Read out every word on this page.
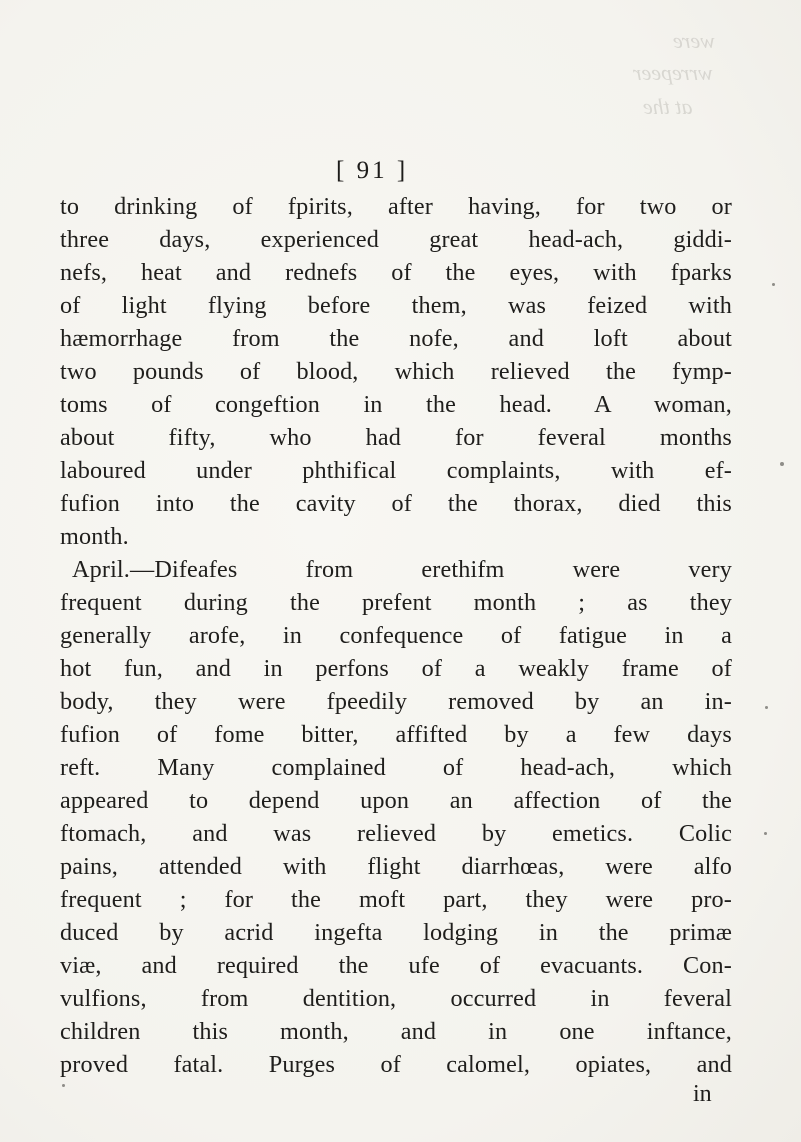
were
wrrepeer
at the
[ 91 ]
to drinking of fpirits, after having, for two or
three days, experienced great head-ach, giddi-
nefs, heat and rednefs of the eyes, with fparks
of light flying before them, was feized with
hæmorrhage from the nofe, and loft about
two pounds of blood, which relieved the fymp-
toms of congeftion in the head. A woman,
about fifty, who had for feveral months
laboured under phthifical complaints, with ef-
fufion into the cavity of the thorax, died this
month.
April.—Difeafes from erethifm were very
frequent during the prefent month ; as they
generally arofe, in confequence of fatigue in a
hot fun, and in perfons of a weakly frame of
body, they were fpeedily removed by an in-
fufion of fome bitter, affifted by a few days
reft. Many complained of head-ach, which
appeared to depend upon an affection of the
ftomach, and was relieved by emetics. Colic
pains, attended with flight diarrhœas, were alfo
frequent ; for the moft part, they were pro-
duced by acrid ingefta lodging in the primæ
viæ, and required the ufe of evacuants. Con-
vulfions, from dentition, occurred in feveral
children this month, and in one inftance,
proved fatal. Purges of calomel, opiates, and
in
